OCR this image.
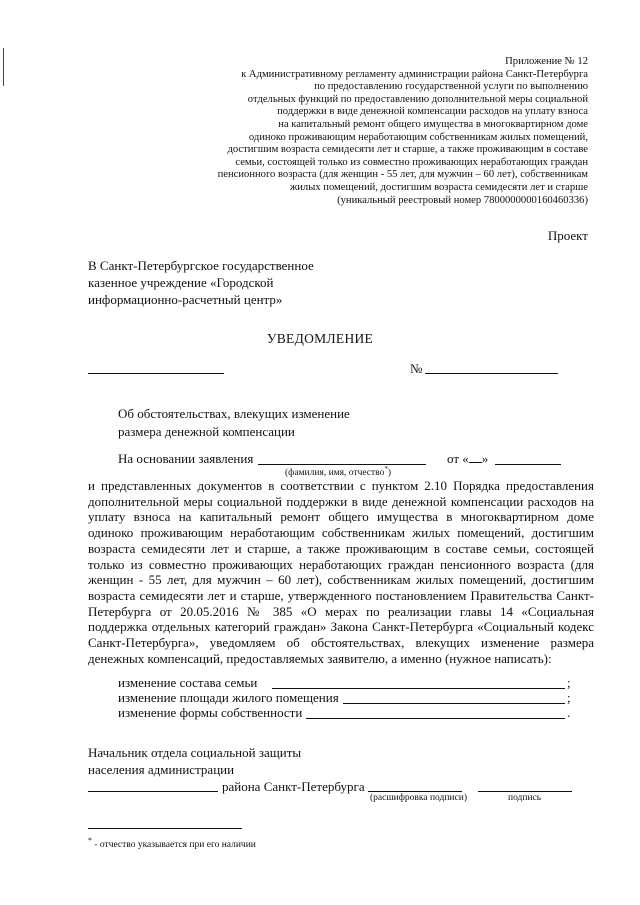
Приложение № 12
к Административному регламенту администрации района Санкт-Петербурга
по предоставлению государственной услуги по выполнению
отдельных функций по предоставлению дополнительной меры социальной
поддержки в виде денежной компенсации расходов на уплату взноса
на капитальный ремонт общего имущества в многоквартирном доме
одиноко проживающим неработающим собственникам жилых помещений,
достигшим возраста семидесяти лет и старше, а также проживающим в составе
семьи, состоящей только из совместно проживающих неработающих граждан
пенсионного возраста (для женщин - 55 лет, для мужчин – 60 лет), собственникам
жилых помещений, достигшим возраста семидесяти лет и старше
(уникальный реестровый номер 7800000000160460336)
Проект
В Санкт-Петербургское государственное
казенное учреждение «Городской
информационно-расчетный центр»
УВЕДОМЛЕНИЕ
№
Об обстоятельствах, влекущих изменение
размера денежной компенсации
На основании заявления	от « »
(фамилия, имя, отчество*)
и представленных документов в соответствии с пунктом 2.10 Порядка предоставления дополнительной меры социальной поддержки в виде денежной компенсации расходов на уплату взноса на капитальный ремонт общего имущества в многоквартирном доме одиноко проживающим неработающим собственникам жилых помещений, достигшим возраста семидесяти лет и старше, а также проживающим в составе семьи, состоящей только из совместно проживающих неработающих граждан пенсионного возраста (для женщин - 55 лет, для мужчин – 60 лет), собственникам жилых помещений, достигшим возраста семидесяти лет и старше, утвержденного постановлением Правительства Санкт-Петербурга от 20.05.2016 № 385 «О мерах по реализации главы 14 «Социальная поддержка отдельных категорий граждан» Закона Санкт-Петербурга «Социальный кодекс Санкт-Петербурга», уведомляем об обстоятельствах, влекущих изменение размера денежных компенсаций, предоставляемых заявителю, а именно (нужное написать):
изменение состава семьи	;
изменение площади жилого помещения	;
изменение формы собственности	.
Начальник отдела социальной защиты
населения администрации
района Санкт-Петербурга
(расшифровка подписи)	подпись
* - отчество указывается при его наличии
